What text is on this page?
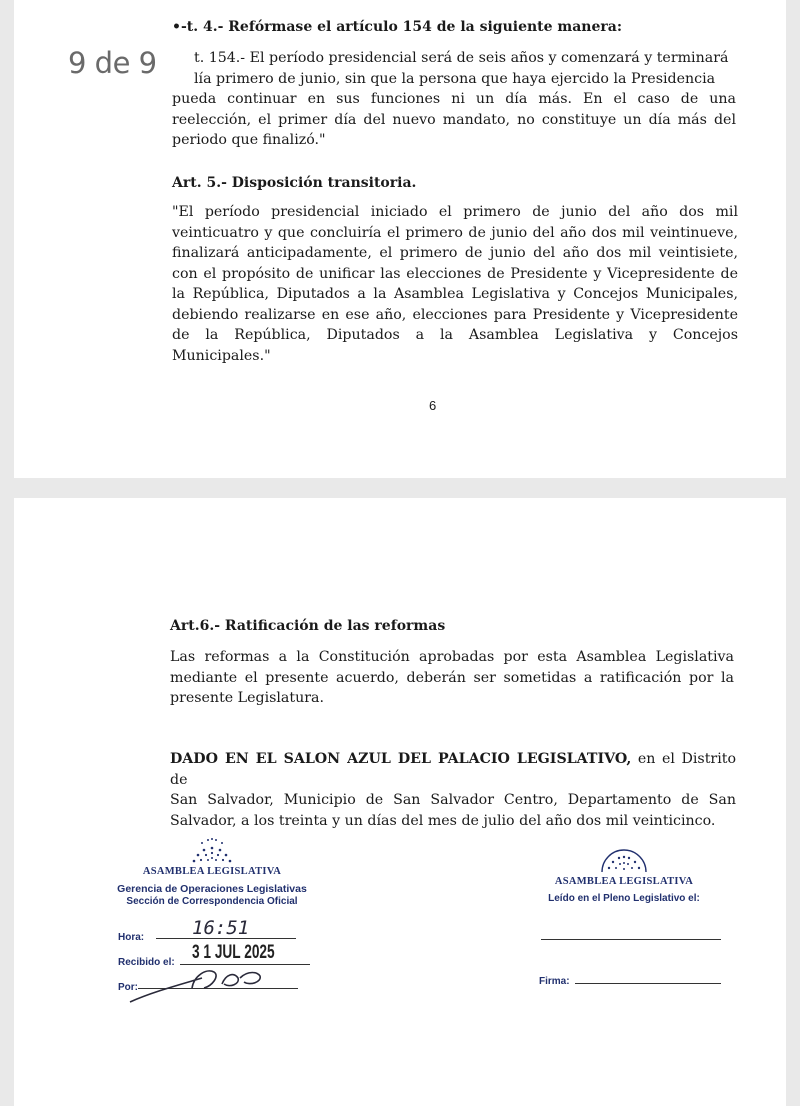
•-t. 4.- Refórmase el artículo 154 de la siguiente manera:

t. 154.- El período presidencial será de seis años y comenzará y terminará

lía primero de junio, sin que la persona que haya ejercido la Presidencia

pueda continuar en sus funciones ni un día más. En el caso de una

reelección, el primer día del nuevo mandato, no constituye un día más del

periodo que finalizó."

Art. 5.- Disposición transitoria.

"El período presidencial iniciado el primero de junio del año dos mil

veinticuatro y que concluiría el primero de junio del año dos mil veintinueve,

finalizará anticipadamente, el primero de junio del año dos mil veintisiete,

con el propósito de unificar las elecciones de Presidente y Vicepresidente de

la República, Diputados a la Asamblea Legislativa y Concejos Municipales,

debiendo realizarse en ese año, elecciones para Presidente y Vicepresidente

de la República, Diputados a la Asamblea Legislativa y Concejos

Municipales."

6
9 de 9
Art.6.- Ratificación de las reformas

Las reformas a la Constitución aprobadas por esta Asamblea Legislativa

mediante el presente acuerdo, deberán ser sometidas a ratificación por la

presente Legislatura.

DADO EN EL SALON AZUL DEL PALACIO LEGISLATIVO, en el Distrito de

San Salvador, Municipio de San Salvador Centro, Departamento de San

Salvador, a los treinta y un días del mes de julio del año dos mil veinticinco.

ASAMBLEA LEGISLATIVA
Gerencia de Operaciones Legislativas
Sección de Correspondencia Oficial
Hora:	16:51
Recibido el: 3 1 JUL 2025
Por:
ASAMBLEA LEGISLATIVA
Leído en el Pleno Legislativo el:
Firma:
